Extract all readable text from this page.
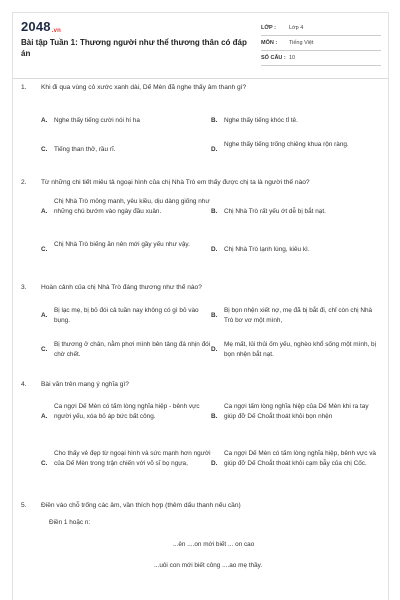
2048.vn
Bài tập Tuần 1: Thương người như thể thương thân có đáp án
LỚP :	Lớp 4
MÔN :	Tiếng Việt
SỐ CÂU : 10
1. Khi đi qua vùng cỏ xước xanh dài, Dế Mèn đã nghe thấy âm thanh gì?
A. Nghe thấy tiếng cười nói hí ha	B. Nghe thấy tiếng khóc tỉ tê.
C. Tiếng than thở, rầu rĩ.	D.
Nghe thấy tiếng trống chiêng khua rộn ràng.
2. Từ những chi tiết miêu tả ngoại hình của chị Nhà Trò em thấy được chị ta là người thế nào?
A.
Chị Nhà Trò mỏng manh, yêu kiều, dịu dàng giống như những chú bướm vào ngày đầu xuân.	B. Chị Nhà Trò rất yếu ớt dễ bị bắt nạt.
C.
Chị Nhà Trò biếng ăn nên mới gầy yếu như vậy.
D. Chị Nhà Trò lạnh lùng, kiêu kì.
3. Hoàn cảnh của chị Nhà Trò đáng thương như thế nào?
A.
Bị lạc mẹ, bị bỏ đói cả tuần nay không có gì bỏ vào bụng.
B.
Bị bọn nhện xiết nợ, mẹ đã bị bắt đi, chỉ còn chị Nhà Trò bơ vơ một mình,
C.
Bị thương ở chân, nằm phơi mình bên tảng đá nhịn đói chờ chết.
D.
Mẹ mất, lủi thủi ốm yếu, nghèo khổ sống một mình, bị bọn nhện bắt nạt.
4. Bài văn trên mang ý nghĩa gì?
A.
Ca ngợi Dế Mèn có tấm lòng nghĩa hiệp - bênh vực người yếu, xóa bỏ áp bức bất công.	B.
Ca ngợi tấm lòng nghĩa hiệp của Dế Mèn khi ra tay giúp đỡ Dế Choắt thoát khỏi bọn nhện
C.
Cho thấy vẻ đẹp từ ngoại hình và sức mạnh hơn người của Dế Mèn trong trận chiến với võ sĩ bọ ngựa,	D.
Ca ngợi Dế Mèn có tấm lòng nghĩa hiệp, bênh vực và giúp đỡ Dế Choắt thoát khỏi cạm bẫy của chị Cốc.
5. Điền vào chỗ trống các âm, vần thích hợp (thêm dấu thanh nếu cần)
Điền 1 hoặc n:
...ên ....on mới biết ... on cao
...uôi con mới biết công ....ao mẹ thầy.
